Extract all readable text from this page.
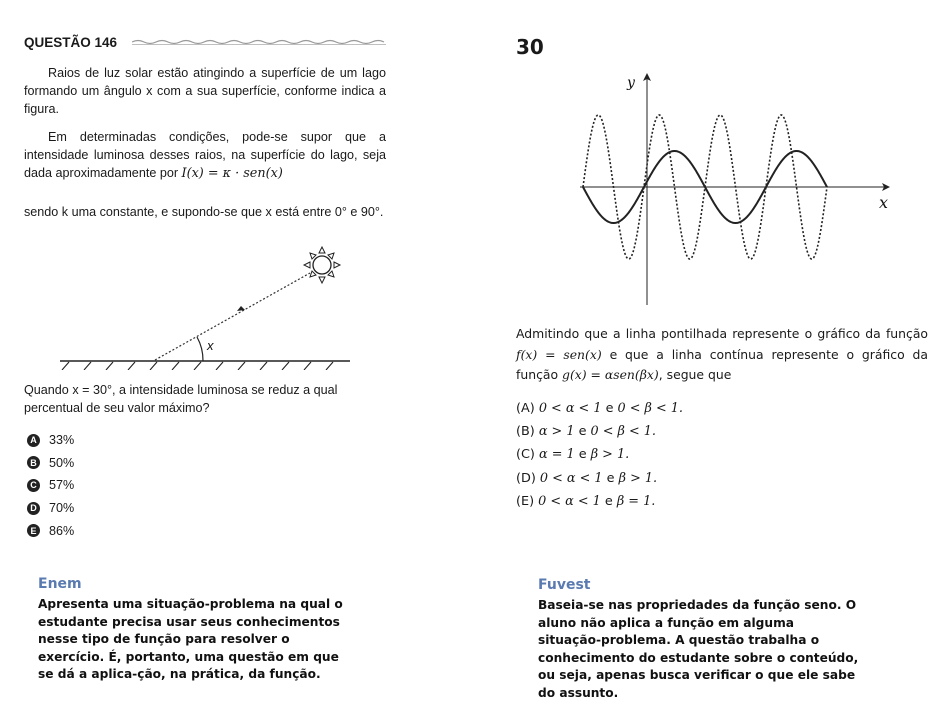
QUESTÃO 146
Raios de luz solar estão atingindo a superfície de um lago formando um ângulo x com a sua superfície, conforme indica a figura.
Em determinadas condições, pode-se supor que a intensidade luminosa desses raios, na superfície do lago, seja dada aproximadamente por I(x) = κ · sen(x)
sendo k uma constante, e supondo-se que x está entre 0° e 90°.
x
Quando x = 30°, a intensidade luminosa se reduz a qual percentual de seu valor máximo?
A 33%
B 50%
C 57%
D 70%
E 86%
Enem
Apresenta uma situação-problema na qual o estudante precisa usar seus conhecimentos nesse tipo de função para resolver o exercício. É, portanto, uma questão em que se dá a aplica-ção, na prática, da função.
30
y
x
Admitindo que a linha pontilhada represente o gráfico da função f(x) = sen(x) e que a linha contínua represente o gráfico da função g(x) = αsen(βx), segue que
(A) 0 < α < 1 e 0 < β < 1.
(B) α > 1 e 0 < β < 1.
(C) α = 1 e β > 1.
(D) 0 < α < 1 e β > 1.
(E) 0 < α < 1 e β = 1.
Fuvest
Baseia-se nas propriedades da função seno. O aluno não aplica a função em alguma situação-problema. A questão trabalha o conhecimento do estudante sobre o conteúdo, ou seja, apenas busca verificar o que ele sabe do assunto.
